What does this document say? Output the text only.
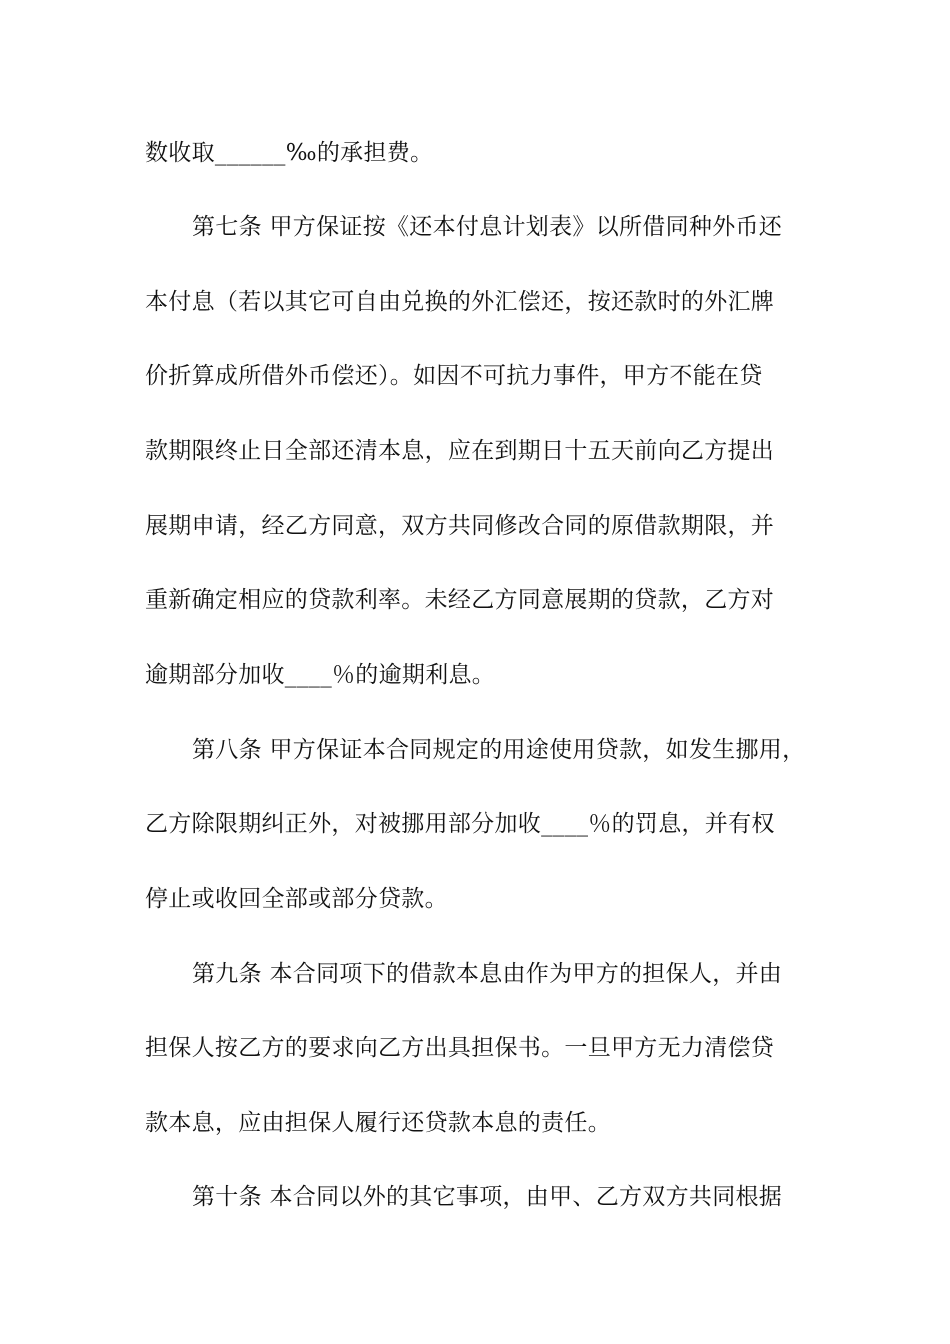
数收取______‰的承担费。
第七条 甲方保证按《还本付息计划表》以所借同种外币还
本付息（若以其它可自由兑换的外汇偿还，按还款时的外汇牌
价折算成所借外币偿还）。如因不可抗力事件，甲方不能在贷
款期限终止日全部还清本息，应在到期日十五天前向乙方提出
展期申请，经乙方同意，双方共同修改合同的原借款期限，并
重新确定相应的贷款利率。未经乙方同意展期的贷款，乙方对
逾期部分加收____％的逾期利息。
第八条 甲方保证本合同规定的用途使用贷款，如发生挪用，
乙方除限期纠正外，对被挪用部分加收____％的罚息，并有权
停止或收回全部或部分贷款。
第九条 本合同项下的借款本息由作为甲方的担保人，并由
担保人按乙方的要求向乙方出具担保书。一旦甲方无力清偿贷
款本息，应由担保人履行还贷款本息的责任。
第十条 本合同以外的其它事项，由甲、乙方双方共同根据
